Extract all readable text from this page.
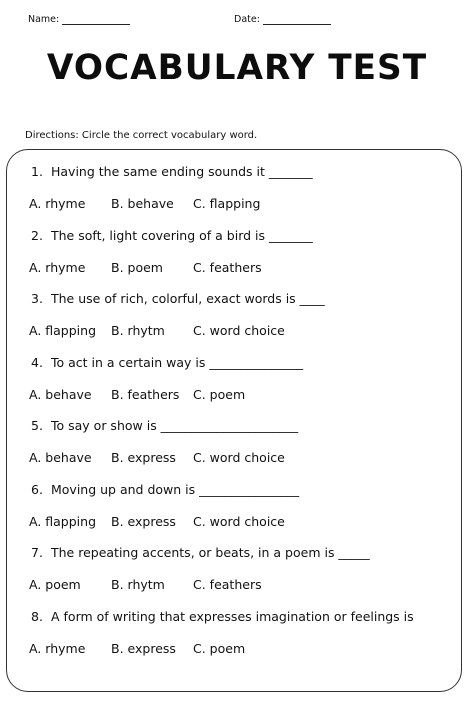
Name:	Date:
VOCABULARY TEST
Directions: Circle the correct vocabulary word.
1. Having the same ending sounds it _______
A. rhyme B. behave C. flapping
2. The soft, light covering of a bird is _______
A. rhyme B. poem C. feathers
3. The use of rich, colorful, exact words is ____
A. flapping B. rhytm C. word choice
4. To act in a certain way is _______________
A. behave B. feathers C. poem
5. To say or show is ______________________
A. behave B. express C. word choice
6. Moving up and down is ________________
A. flapping B. express C. word choice
7. The repeating accents, or beats, in a poem is _____
A. poem B. rhytm C. feathers
8. A form of writing that expresses imagination or feelings is
A. rhyme B. express C. poem
